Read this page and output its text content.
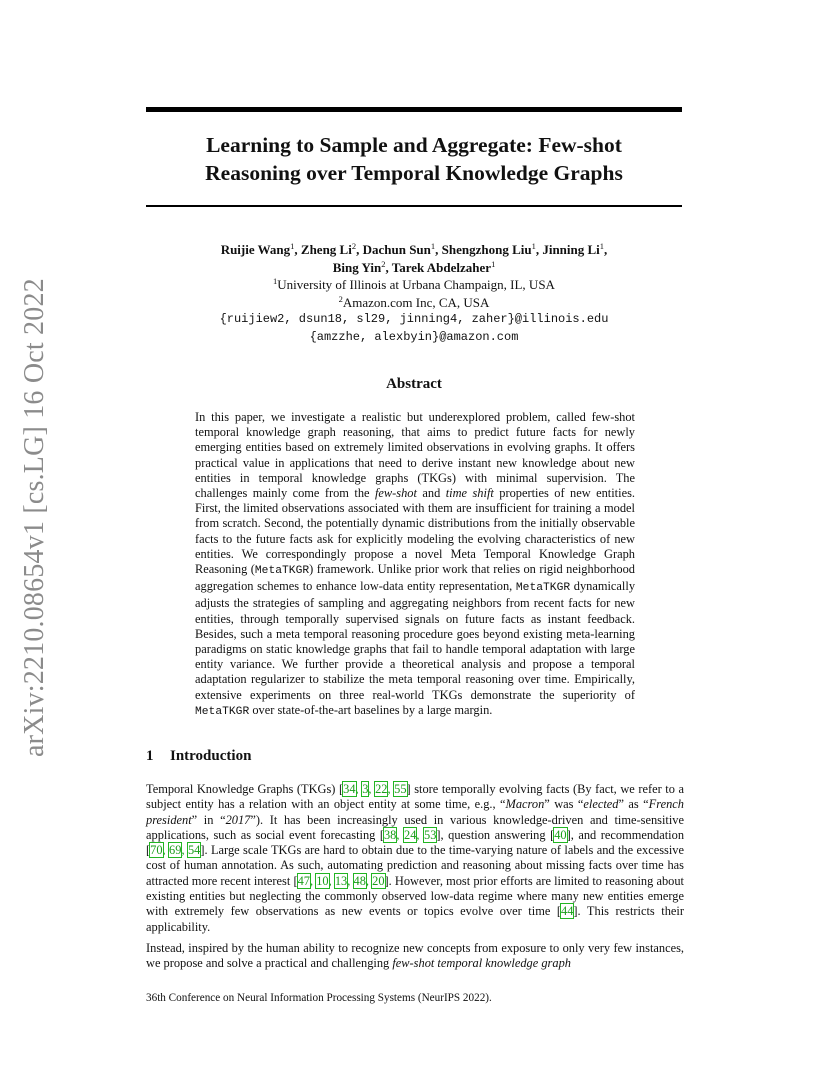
Learning to Sample and Aggregate: Few-shot
Reasoning over Temporal Knowledge Graphs
arXiv:2210.08654v1 [cs.LG] 16 Oct 2022
Ruijie Wang$^1$, Zheng Li$^2$, Dachun Sun$^1$, Shengzhong Liu$^1$, Jinning Li$^1$,
Bing Yin$^2$, Tarek Abdelzaher$^1$
$^1$University of Illinois at Urbana Champaign, IL, USA
$^2$Amazon.com Inc, CA, USA
{ruijiew2, dsun18, sl29, jinning4, zaher}@illinois.edu
{amzzhe, alexbyin}@amazon.com
Abstract
In this paper, we investigate a realistic but underexplored problem, called few-shot temporal knowledge graph reasoning, that aims to predict future facts for newly emerging entities based on extremely limited observations in evolving graphs. It offers practical value in applications that need to derive instant new knowledge about new entities in temporal knowledge graphs (TKGs) with minimal supervision. The challenges mainly come from the few-shot and time shift properties of new entities. First, the limited observations associated with them are insufficient for training a model from scratch. Second, the potentially dynamic distributions from the initially observable facts to the future facts ask for explicitly modeling the evolving characteristics of new entities. We correspondingly propose a novel Meta Temporal Knowledge Graph Reasoning (MetaTKGR) framework. Unlike prior work that relies on rigid neighborhood aggregation schemes to enhance low-data entity representation, MetaTKGR dynamically adjusts the strategies of sampling and aggregating neighbors from recent facts for new entities, through temporally supervised signals on future facts as instant feedback. Besides, such a meta temporal reasoning procedure goes beyond existing meta-learning paradigms on static knowledge graphs that fail to handle temporal adaptation with large entity variance. We further provide a theoretical analysis and propose a temporal adaptation regularizer to stabilize the meta temporal reasoning over time. Empirically, extensive experiments on three real-world TKGs demonstrate the superiority of MetaTKGR over state-of-the-art baselines by a large margin.
1 Introduction

Temporal Knowledge Graphs (TKGs) [34, 3, 22, 55] store temporally evolving facts (By fact, we refer to a subject entity has a relation with an object entity at some time, e.g., “Macron” was “elected” as “French president” in “2017”). It has been increasingly used in various knowledge-driven and time-sensitive applications, such as social event forecasting [38, 24, 53], question answering [40], and recommendation [70, 69, 54]. Large scale TKGs are hard to obtain due to the time-varying nature of labels and the excessive cost of human annotation. As such, automating prediction and reasoning about missing facts over time has attracted more recent interest [47, 10, 13, 48, 20]. However, most prior efforts are limited to reasoning about existing entities but neglecting the commonly observed low-data regime where many new entities emerge with extremely few observations as new events or topics evolve over time [44]. This restricts their applicability.

Instead, inspired by the human ability to recognize new concepts from exposure to only very few instances, we propose and solve a practical and challenging few-shot temporal knowledge graph

36th Conference on Neural Information Processing Systems (NeurIPS 2022).
